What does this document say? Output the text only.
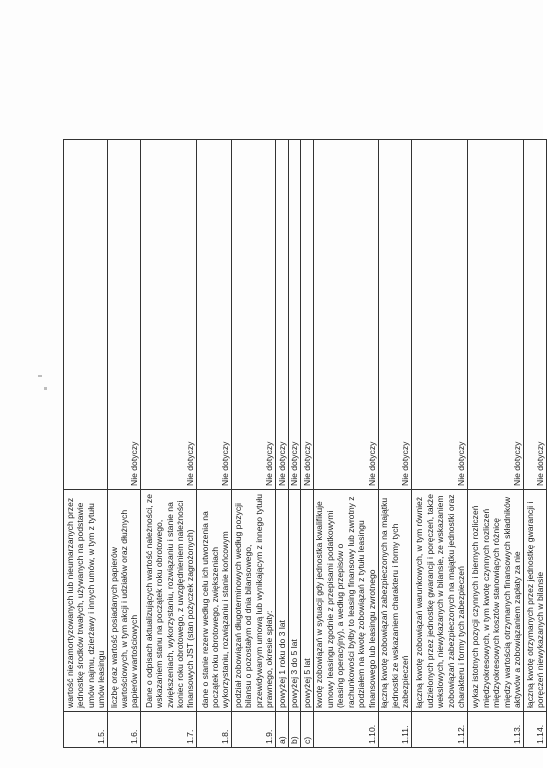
1.5.	wartość niezamortyzowanych lub nieumarzanych przez jednostkę środków trwałych, używanych na podstawie umów najmu, dzierżawy i innych umów, w tym z tytułu umów leasingu	
1.6.	liczbę oraz wartość posiadanych papierów wartościowych, w tym akcji i udziałów oraz dłużnych papierów wartościowych	Nie dotyczy
1.7.	Dane o odpisach aktualizujących wartość należności, ze wskazaniem stanu na początek roku obrotowego, zwiększeniach, wykorzystaniu, rozwiązaniu i stanie na koniec roku obrotowego, z uwzględnieniem należności finansowych JST (stan pożyczek zagrożonych)	Nie dotyczy
1.8.	dane o stanie rezerw według celu ich utworzenia na początek roku obrotowego, zwiększeniach wykorzystaniu, rozwiązaniu i stanie końcowym	Nie dotyczy
1.9.	podział zobowiązań długoterminowych według pozycji bilansu o pozostałym od dnia bilansowego, przewidywanym umową lub wynikającym z innego tytułu prawnego, okresie spłaty:	Nie dotyczy
a)	powyżej 1 roku do 3 lat	Nie dotyczy
b)	powyżej 3 do 5 lat	Nie dotyczy
c)	powyżej 5 lat	Nie dotyczy
1.10.	kwotę zobowiązań w sytuacji gdy jednostka kwalifikuje umowy leasingu zgodnie z przepisami podatkowymi (leasing operacyjny), a według przepisów o rachunkowości byłby to leasing finansowy lub zwrotny z podziałem na kwotę zobowiązań z tytułu leasingu finansowego lub leasingu zwrotnego	Nie dotyczy
1.11.	łączną kwotę zobowiązań zabezpieczonych na majątku jednostki ze wskazaniem charakteru i formy tych zabezpieczeń	Nie dotyczy
1.12.	łączną kwotę zobowiązań warunkowych, w tym również udzielonych przez jednostkę gwarancji i poręczeń, także wekslowych, niewykazanych w bilansie, ze wskazaniem zobowiązań zabezpieczonych na majątku jednostki oraz charakteru i formy tych zabezpieczeń	Nie dotyczy
1.13.	wykaz istotnych pozycji czynnych i biernych rozliczeń międzyokresowych, w tym kwotę czynnych rozliczeń międzyokresowych kosztów stanowiących różnicę między wartością otrzymanych finansowych składników aktywów a zobowiązaniem zapłaty za nie	Nie dotyczy
1.14.	łączną kwotę otrzymanych przez jednostkę gwarancji i poręczeń niewykazanych w bilansie	Nie dotyczy
